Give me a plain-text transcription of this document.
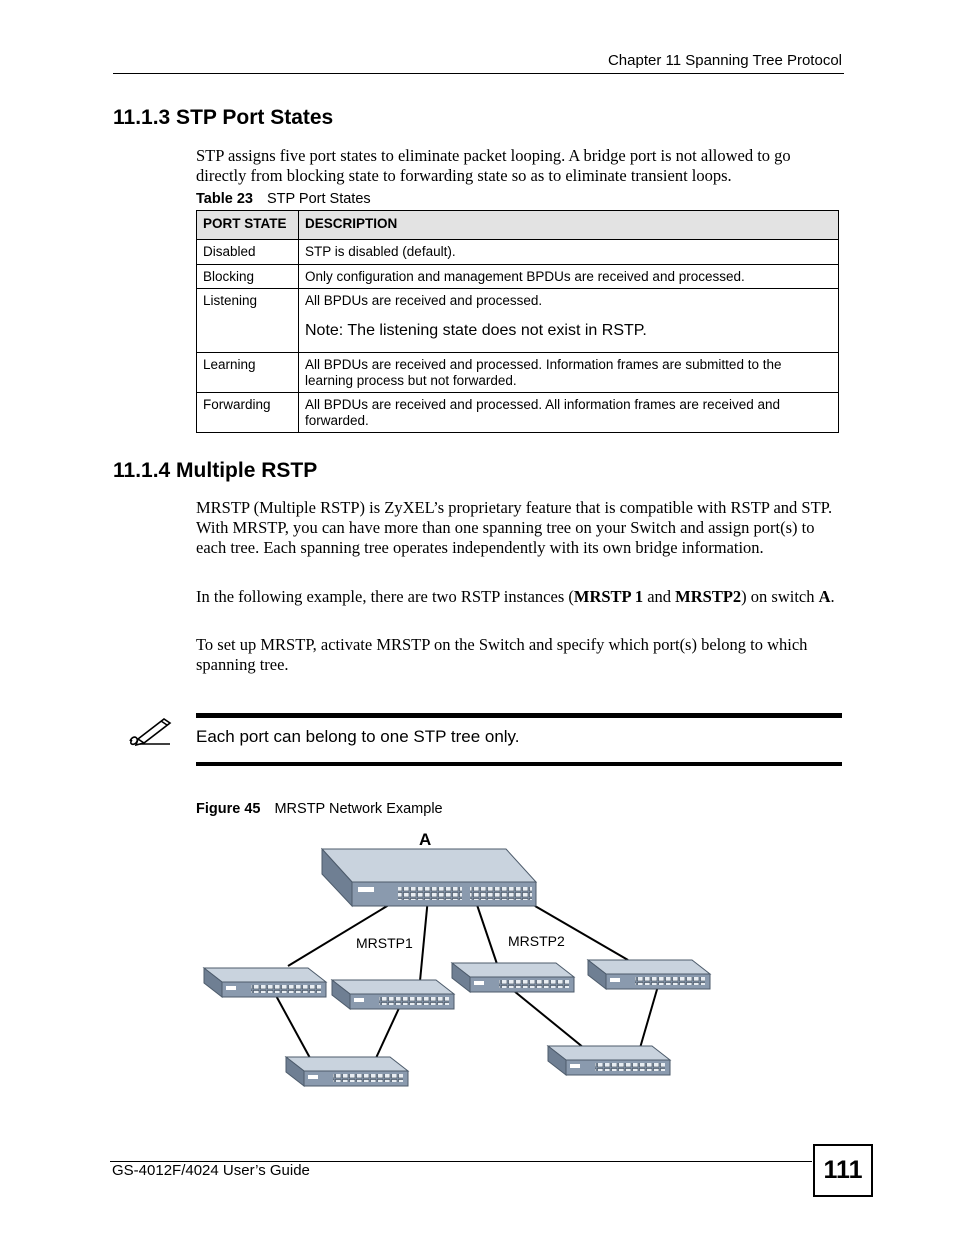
Chapter 11 Spanning Tree Protocol
11.1.3 STP Port States

STP assigns five port states to eliminate packet looping. A bridge port is not allowed to go directly from blocking state to forwarding state so as to eliminate transient loops.

Table 23 STP Port States
PORT STATE	DESCRIPTION
Disabled	STP is disabled (default).
Blocking	Only configuration and management BPDUs are received and processed.
Listening	All BPDUs are received and processed.
Note: The listening state does not exist in RSTP.

Learning	All BPDUs are received and processed. Information frames are submitted to the learning process but not forwarded.
Forwarding	All BPDUs are received and processed. All information frames are received and forwarded.
11.1.4 Multiple RSTP

MRSTP (Multiple RSTP) is ZyXEL’s proprietary feature that is compatible with RSTP and STP. With MRSTP, you can have more than one spanning tree on your Switch and assign port(s) to each tree. Each spanning tree operates independently with its own bridge information.

In the following example, there are two RSTP instances (MRSTP 1 and MRSTP2) on switch A.

To set up MRSTP, activate MRSTP on the Switch and specify which port(s) belong to which spanning tree.

Each port can belong to one STP tree only.
Figure 45 MRSTP Network Example
A
MRSTP1	MRSTP2
GS-4012F/4024 User’s Guide	111
